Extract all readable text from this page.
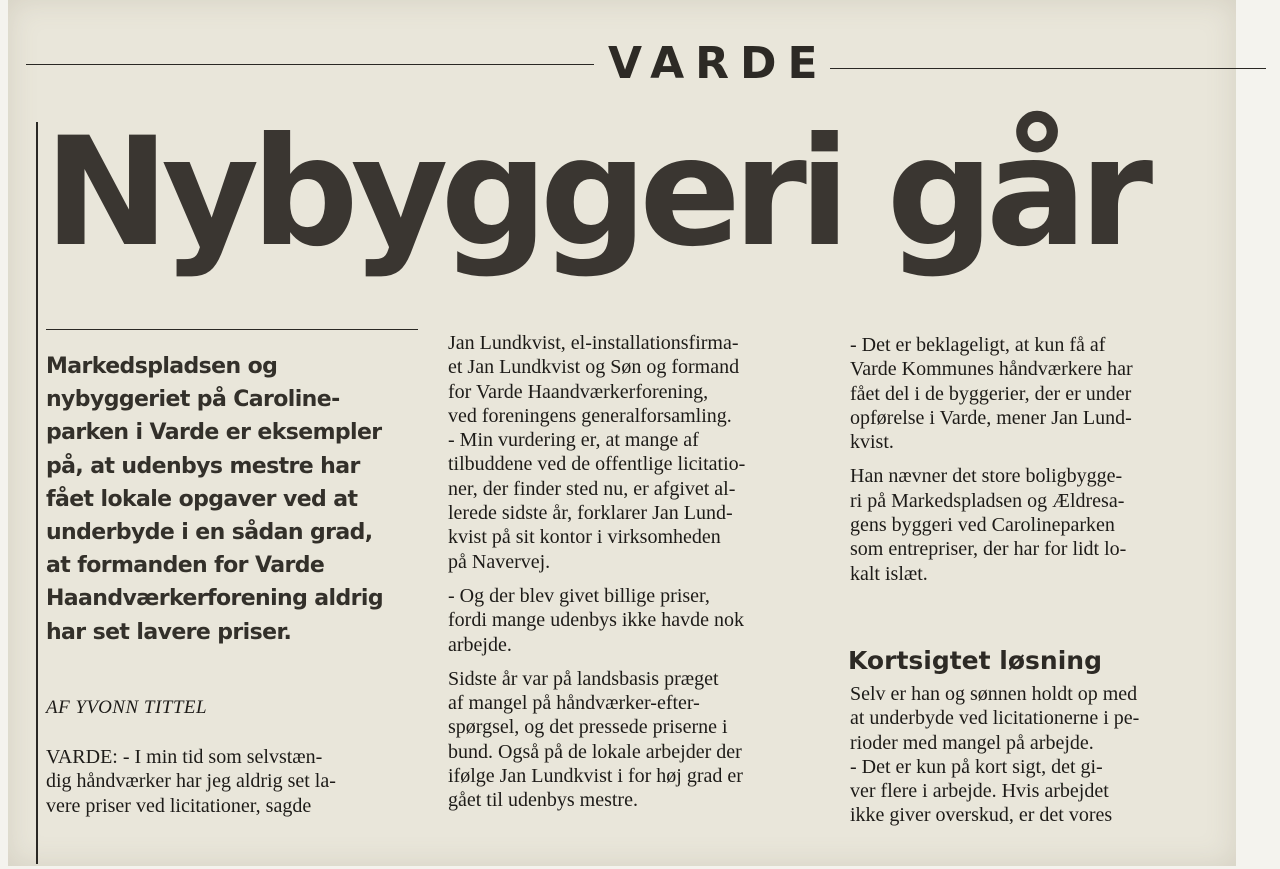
VARDE
Nybyggeri går
Markedspladsen og
nybyggeriet på Caroline-
parken i Varde er eksempler
på, at udenbys mestre har
fået lokale opgaver ved at
underbyde i en sådan grad,
at formanden for Varde
Haandværkerforening aldrig
har set lavere priser.
AF YVONN TITTEL
VARDE: - I min tid som selvstæn-
dig håndværker har jeg aldrig set la-
vere priser ved licitationer, sagde
Jan Lundkvist, el-installationsfirma-
et Jan Lundkvist og Søn og formand
for Varde Haandværkerforening,
ved foreningens generalforsamling.
- Min vurdering er, at mange af
tilbuddene ved de offentlige licitatio-
ner, der finder sted nu, er afgivet al-
lerede sidste år, forklarer Jan Lund-
kvist på sit kontor i virksomheden
på Navervej.
- Og der blev givet billige priser,
fordi mange udenbys ikke havde nok
arbejde.
Sidste år var på landsbasis præget
af mangel på håndværker-efter-
spørgsel, og det pressede priserne i
bund. Også på de lokale arbejder der
ifølge Jan Lundkvist i for høj grad er
gået til udenbys mestre.
- Det er beklageligt, at kun få af
Varde Kommunes håndværkere har
fået del i de byggerier, der er under
opførelse i Varde, mener Jan Lund-
kvist.
Han nævner det store boligbygge-
ri på Markedspladsen og Ældresa-
gens byggeri ved Carolineparken
som entrepriser, der har for lidt lo-
kalt islæt.
Kortsigtet løsning
Selv er han og sønnen holdt op med
at underbyde ved licitationerne i pe-
rioder med mangel på arbejde.
- Det er kun på kort sigt, det gi-
ver flere i arbejde. Hvis arbejdet
ikke giver overskud, er det vores
